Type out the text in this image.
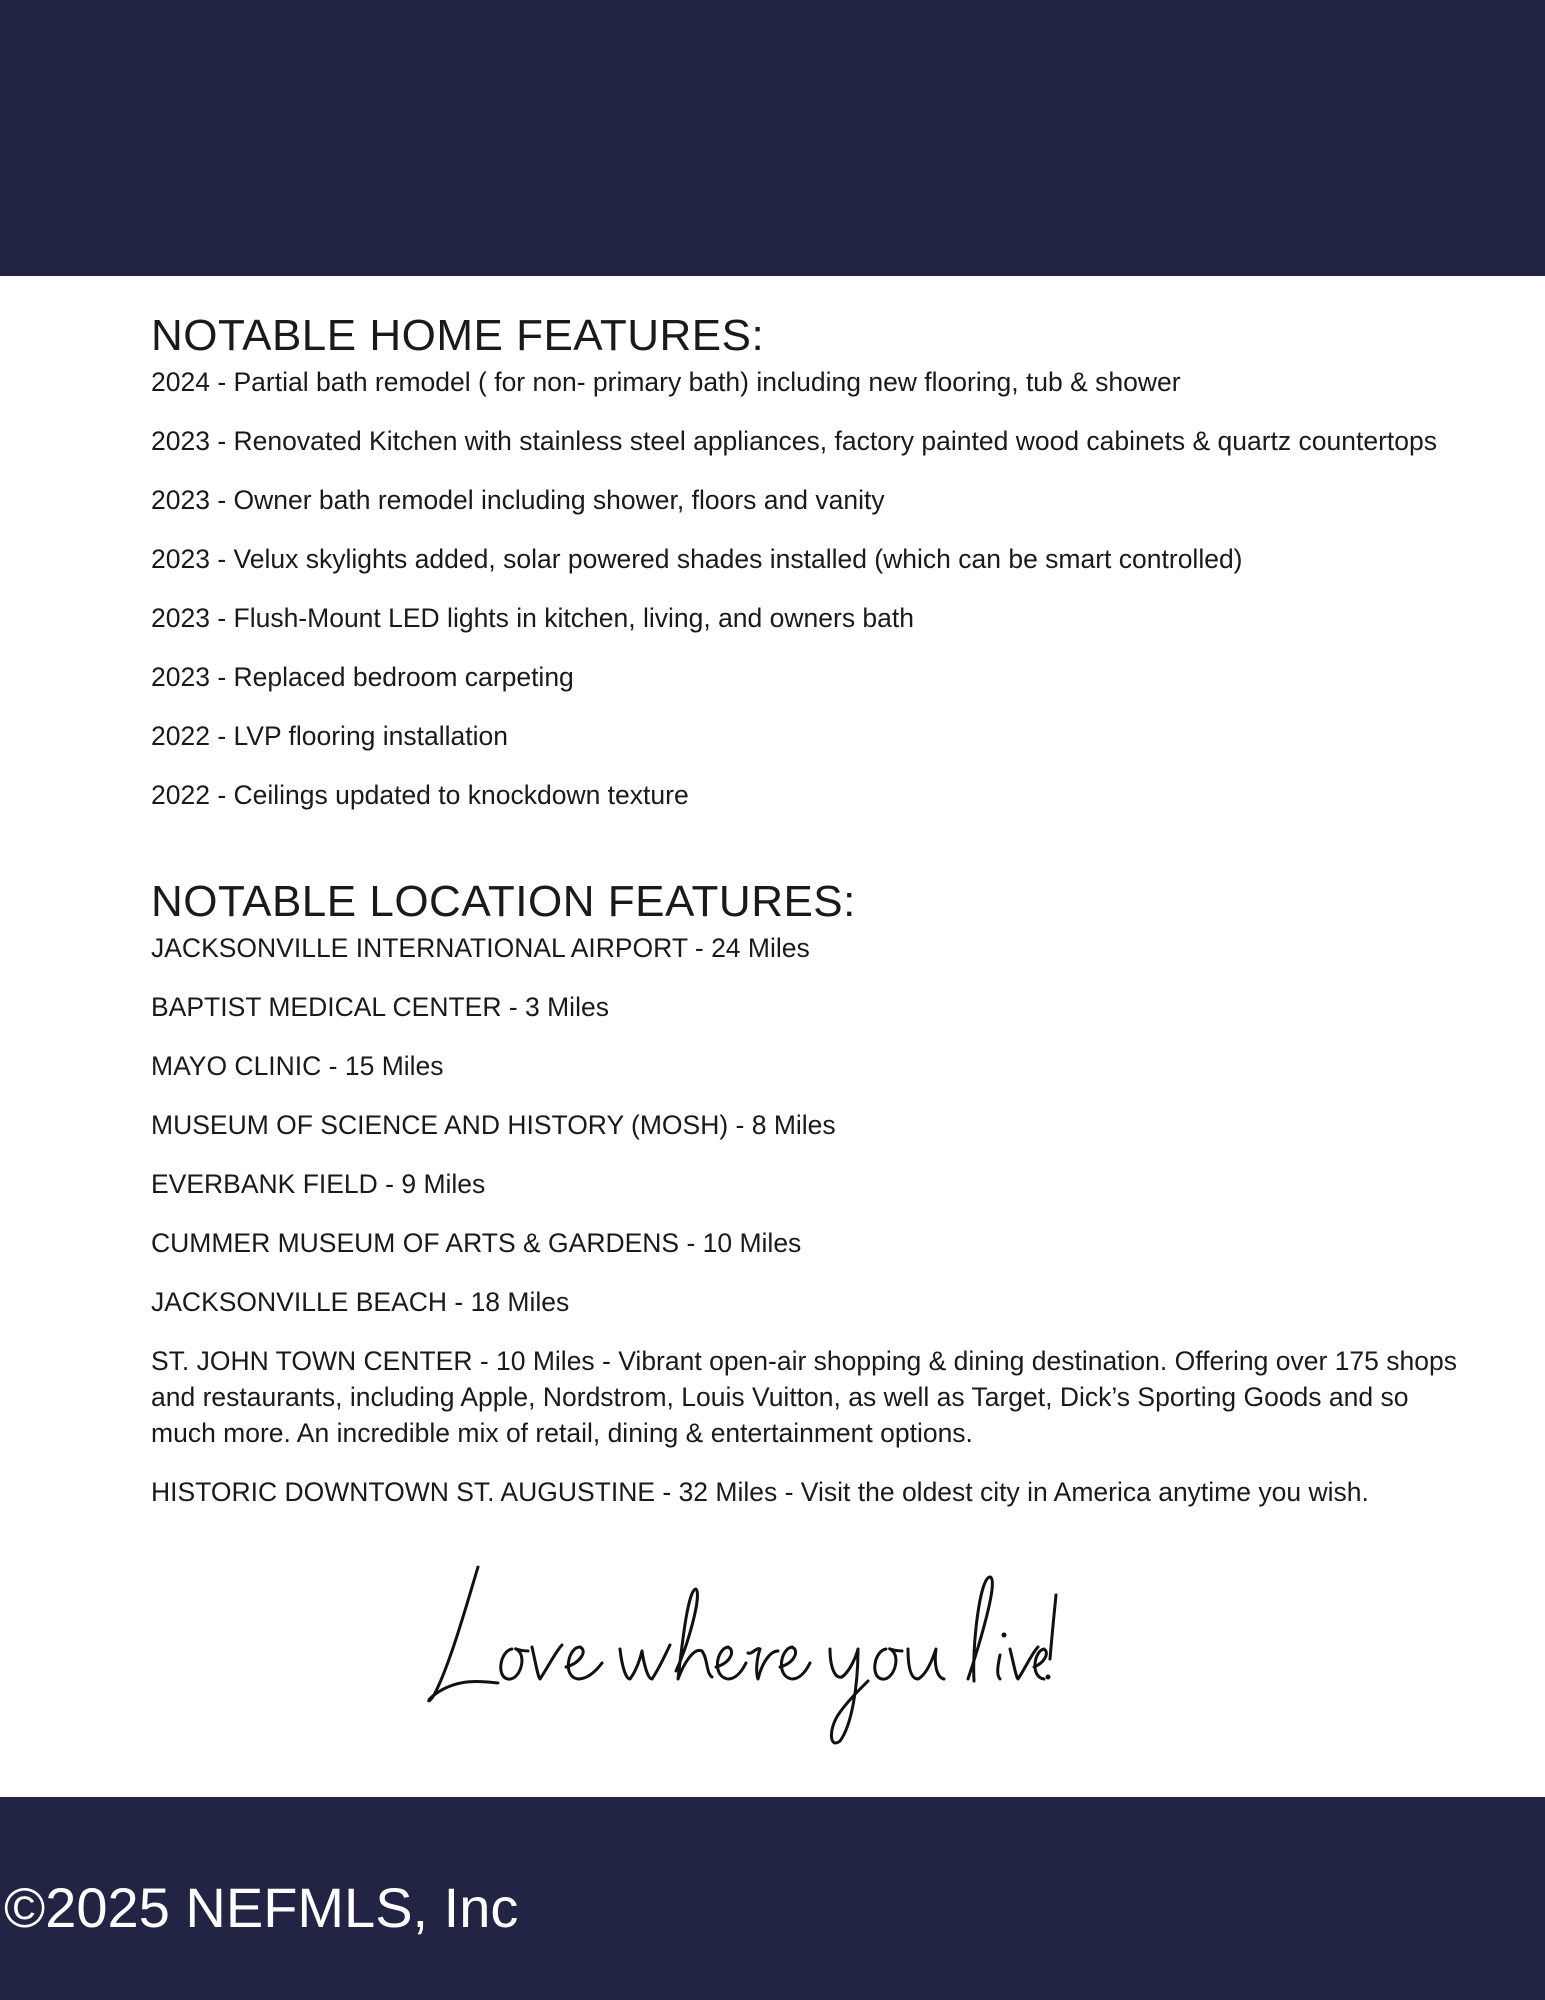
NOTABLE HOME FEATURES:
2024 - Partial bath remodel ( for non- primary bath) including new flooring, tub & shower
2023 - Renovated Kitchen with stainless steel appliances, factory painted wood cabinets & quartz countertops
2023 - Owner bath remodel including shower, floors and vanity
2023 - Velux skylights added, solar powered shades installed (which can be smart controlled)
2023 - Flush-Mount LED lights in kitchen, living, and owners bath
2023 - Replaced bedroom carpeting
2022 - LVP flooring installation
2022 - Ceilings updated to knockdown texture
NOTABLE LOCATION FEATURES:
JACKSONVILLE INTERNATIONAL AIRPORT - 24 Miles
BAPTIST MEDICAL CENTER - 3 Miles
MAYO CLINIC - 15 Miles
MUSEUM OF SCIENCE AND HISTORY (MOSH) - 8 Miles
EVERBANK FIELD - 9 Miles
CUMMER MUSEUM OF ARTS & GARDENS - 10 Miles
JACKSONVILLE BEACH - 18 Miles
ST. JOHN TOWN CENTER - 10 Miles - Vibrant open-air shopping & dining destination. Offering over 175 shops and restaurants, including Apple, Nordstrom, Louis Vuitton, as well as Target, Dick’s Sporting Goods and so much more. An incredible mix of retail, dining & entertainment options.
HISTORIC DOWNTOWN ST. AUGUSTINE - 32 Miles - Visit the oldest city in America anytime you wish.
©2025 NEFMLS, Inc
